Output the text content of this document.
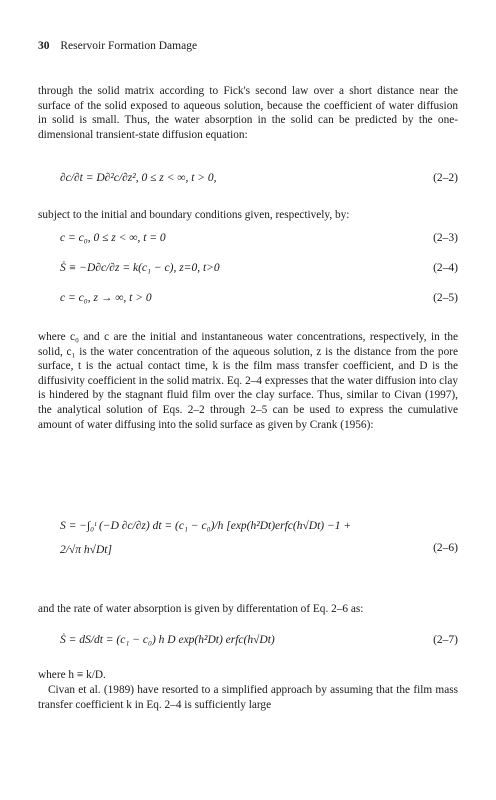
30 Reservoir Formation Damage

through the solid matrix according to Fick's second law over a short distance near the surface of the solid exposed to aqueous solution, because the coefficient of water diffusion in solid is small. Thus, the water absorption in the solid can be predicted by the one-dimensional transient-state diffusion equation:

∂c/∂t = D∂²c/∂z², 0 ≤ z < ∞, t > 0,	(2–2)

subject to the initial and boundary conditions given, respectively, by:

c = c₀, 0 ≤ z < ∞, t = 0	(2–3)
Ṡ ≡ −D∂c/∂z = k(c₁ − c), z=0, t>0	(2–4)
c = c₀, z → ∞, t > 0	(2–5)

where c₀ and c are the initial and instantaneous water concentrations, respectively, in the solid, c₁ is the water concentration of the aqueous solution, z is the distance from the pore surface, t is the actual contact time, k is the film mass transfer coefficient, and D is the diffusivity coefficient in the solid matrix. Eq. 2–4 expresses that the water diffusion into clay is hindered by the stagnant fluid film over the clay surface. Thus, similar to Civan (1997), the analytical solution of Eqs. 2–2 through 2–5 can be used to express the cumulative amount of water diffusing into the solid surface as given by Crank (1956):

S = −∫₀ᵗ (−D ∂c/∂z) dt = (c₁ − c₀)/h [exp(h²Dt)erfc(h√Dt) −1 + 2/√π h√Dt]	(2–6)

and the rate of water absorption is given by differentation of Eq. 2–6 as:

Ṡ = dS/dt = (c₁ − c₀) h D exp(h²Dt) erfc(h√Dt)	(2–7)

where h ≡ k/D.

Civan et al. (1989) have resorted to a simplified approach by assuming that the film mass transfer coefficient k in Eq. 2–4 is sufficiently large
